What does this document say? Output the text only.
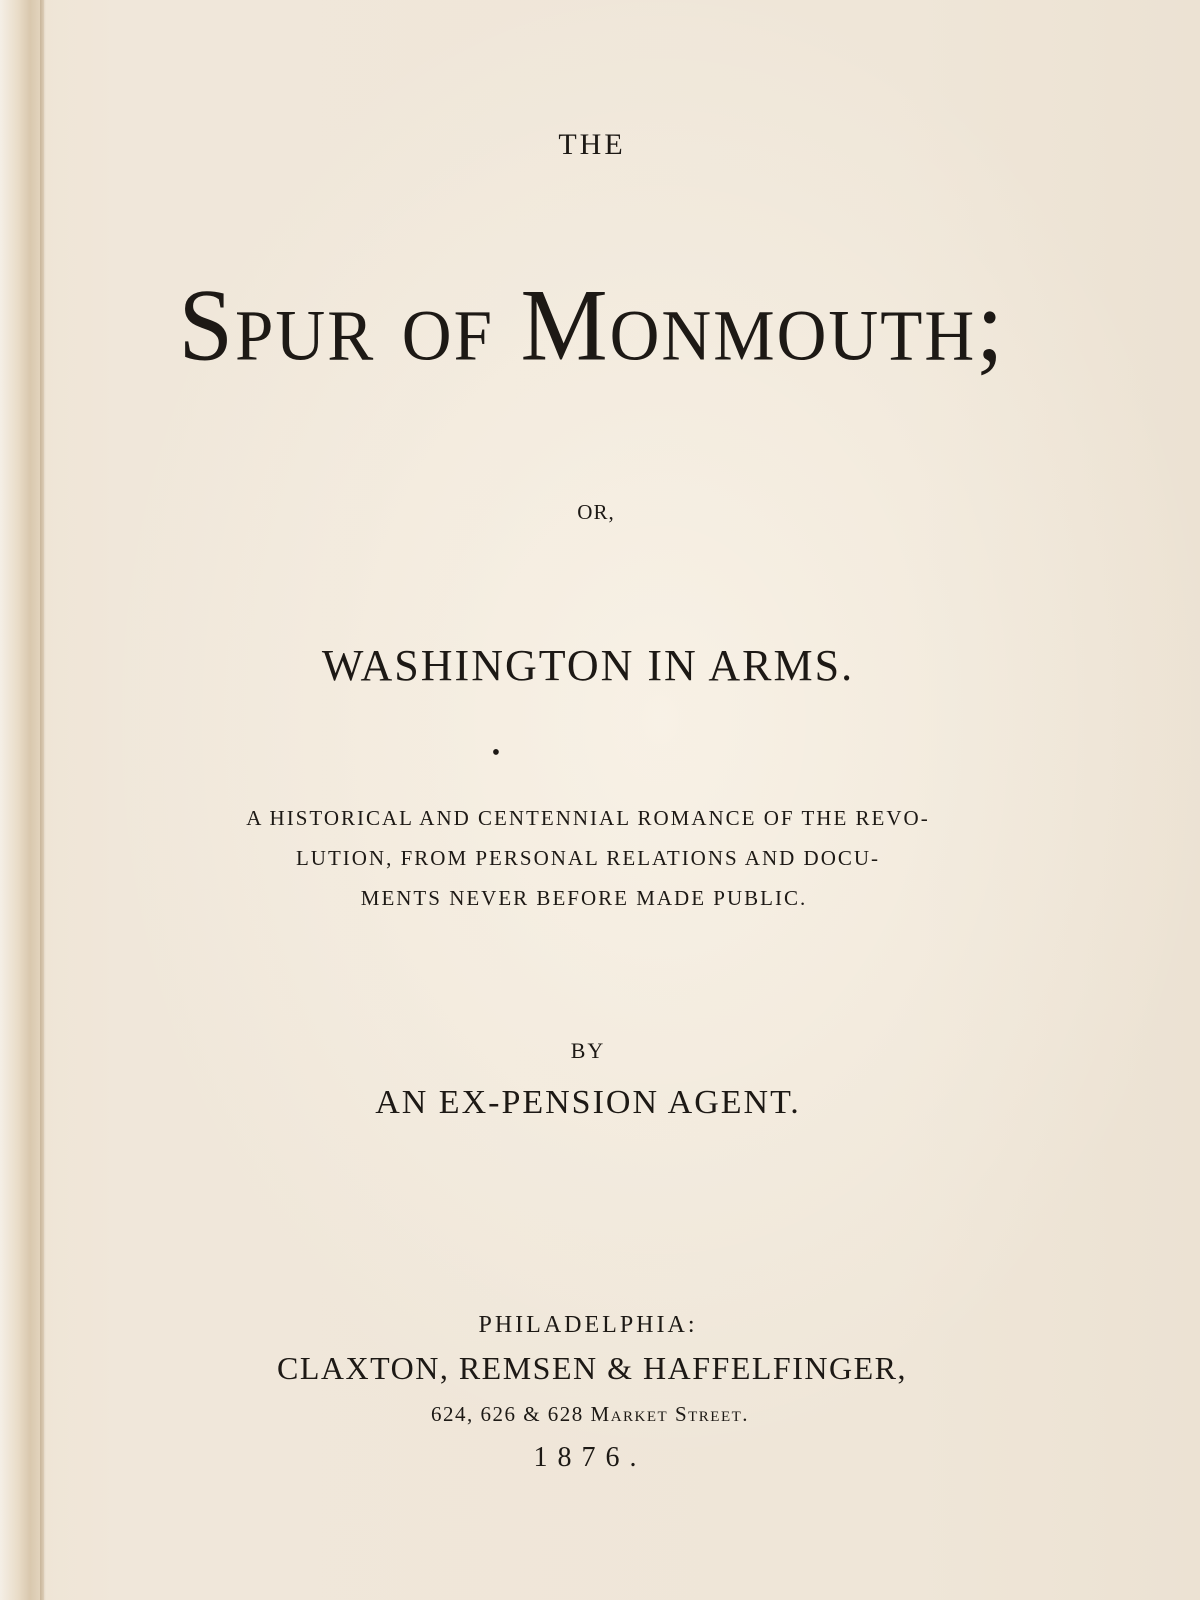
THE

Spur of Monmouth;

OR,

WASHINGTON IN ARMS.

•

A HISTORICAL AND CENTENNIAL ROMANCE OF THE REVO-

LUTION, FROM PERSONAL RELATIONS AND DOCU-

MENTS NEVER BEFORE MADE PUBLIC.

BY

AN EX-PENSION AGENT.

PHILADELPHIA:

CLAXTON, REMSEN & HAFFELFINGER,

624, 626 & 628 Market Street.

1876.
